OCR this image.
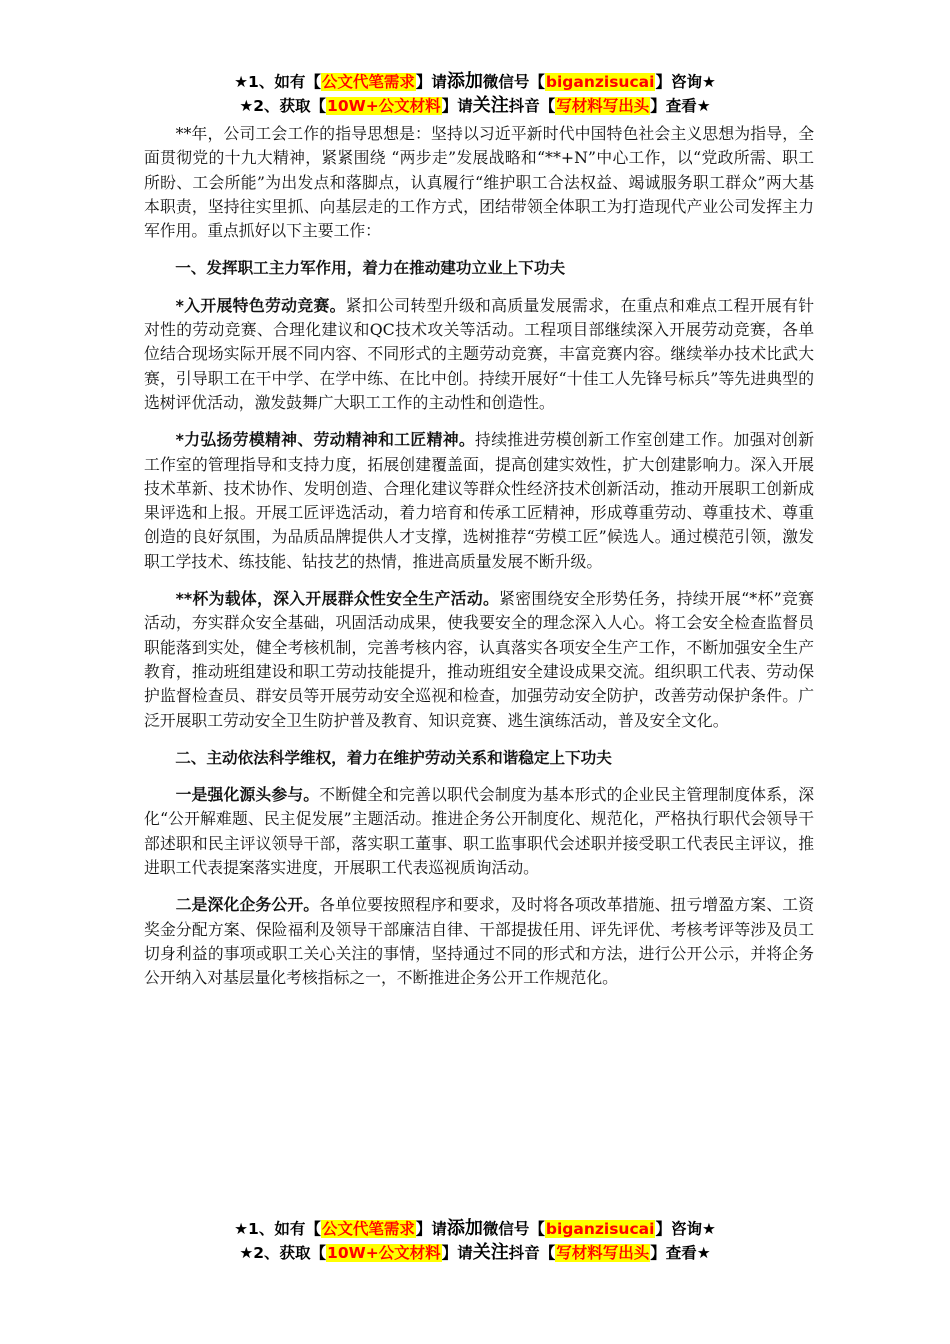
★1、如有【公文代笔需求】请添加微信号【biganzisucai】咨询★
★2、获取【10W+公文材料】请关注抖音【写材料写出头】查看★

**年，公司工会工作的指导思想是：坚持以习近平新时代中国特色社会主义思想为指导，全面贯彻党的十九大精神，紧紧围绕 “两步走”发展战略和“**+N”中心工作，以“党政所需、职工所盼、工会所能”为出发点和落脚点，认真履行“维护职工合法权益、竭诚服务职工群众”两大基本职责，坚持往实里抓、向基层走的工作方式，团结带领全体职工为打造现代产业公司发挥主力军作用。重点抓好以下主要工作：

一、发挥职工主力军作用，着力在推动建功立业上下功夫

*入开展特色劳动竞赛。紧扣公司转型升级和高质量发展需求，在重点和难点工程开展有针对性的劳动竞赛、合理化建议和QC技术攻关等活动。工程项目部继续深入开展劳动竞赛，各单位结合现场实际开展不同内容、不同形式的主题劳动竞赛，丰富竞赛内容。继续举办技术比武大赛，引导职工在干中学、在学中练、在比中创。持续开展好“十佳工人先锋号标兵”等先进典型的选树评优活动，激发鼓舞广大职工工作的主动性和创造性。

*力弘扬劳模精神、劳动精神和工匠精神。持续推进劳模创新工作室创建工作。加强对创新工作室的管理指导和支持力度，拓展创建覆盖面，提高创建实效性，扩大创建影响力。深入开展技术革新、技术协作、发明创造、合理化建议等群众性经济技术创新活动，推动开展职工创新成果评选和上报。开展工匠评选活动，着力培育和传承工匠精神，形成尊重劳动、尊重技术、尊重创造的良好氛围，为品质品牌提供人才支撑，选树推荐“劳模工匠”候选人。通过模范引领，激发职工学技术、练技能、钻技艺的热情，推进高质量发展不断升级。

**杯为载体，深入开展群众性安全生产活动。紧密围绕安全形势任务，持续开展“*杯”竞赛活动，夯实群众安全基础，巩固活动成果，使我要安全的理念深入人心。将工会安全检查监督员职能落到实处，健全考核机制，完善考核内容，认真落实各项安全生产工作，不断加强安全生产教育，推动班组建设和职工劳动技能提升，推动班组安全建设成果交流。组织职工代表、劳动保护监督检查员、群安员等开展劳动安全巡视和检查，加强劳动安全防护，改善劳动保护条件。广泛开展职工劳动安全卫生防护普及教育、知识竞赛、逃生演练活动，普及安全文化。

二、主动依法科学维权，着力在维护劳动关系和谐稳定上下功夫

一是强化源头参与。不断健全和完善以职代会制度为基本形式的企业民主管理制度体系，深化“公开解难题、民主促发展”主题活动。推进企务公开制度化、规范化，严格执行职代会领导干部述职和民主评议领导干部，落实职工董事、职工监事职代会述职并接受职工代表民主评议，推进职工代表提案落实进度，开展职工代表巡视质询活动。

二是深化企务公开。各单位要按照程序和要求，及时将各项改革措施、扭亏增盈方案、工资奖金分配方案、保险福利及领导干部廉洁自律、干部提拔任用、评先评优、考核考评等涉及员工切身利益的事项或职工关心关注的事情，坚持通过不同的形式和方法，进行公开公示，并将企务公开纳入对基层量化考核指标之一，不断推进企务公开工作规范化。

★1、如有【公文代笔需求】请添加微信号【biganzisucai】咨询★
★2、获取【10W+公文材料】请关注抖音【写材料写出头】查看★
